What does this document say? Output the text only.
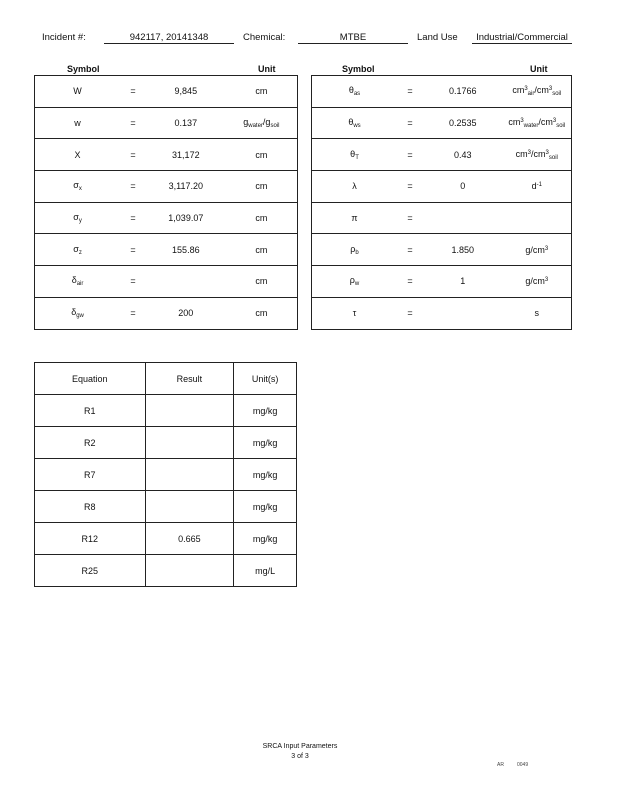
Incident #:	942117, 20141348	Chemical:	MTBE	Land Use	Industrial/Commercial
Symbol	Unit	Symbol	Unit
W	=	9,845	cm
w	=	0.137	$g_{water}/g_{soil}$
X	=	31,172	cm
$\sigma_x$	=	3,117.20	cm
$\sigma_y$	=	1,039.07	cm
$\sigma_z$	=	155.86	cm
$\delta_{air}$	=		cm
$\delta_{gw}$	=	200	cm
$\theta_{as}$	=	0.1766	$cm^3_{air}/cm^3_{soil}$
$\theta_{ws}$	=	0.2535	$cm^3_{water}/cm^3_{soil}$
$\theta_T$	=	0.43	$cm^3/cm^3_{soil}$
λ	=	0	$d^{-1}$
π	=		
$\rho_b$	=	1.850	$g/cm^3$
$\rho_w$	=	1	$g/cm^3$
τ	=		s
Equation	Result	Unit(s)
R1		mg/kg
R2		mg/kg
R7		mg/kg
R8		mg/kg
R12	0.665	mg/kg
R25		mg/L
SRCA Input Parameters
3 of 3
AR	0049
